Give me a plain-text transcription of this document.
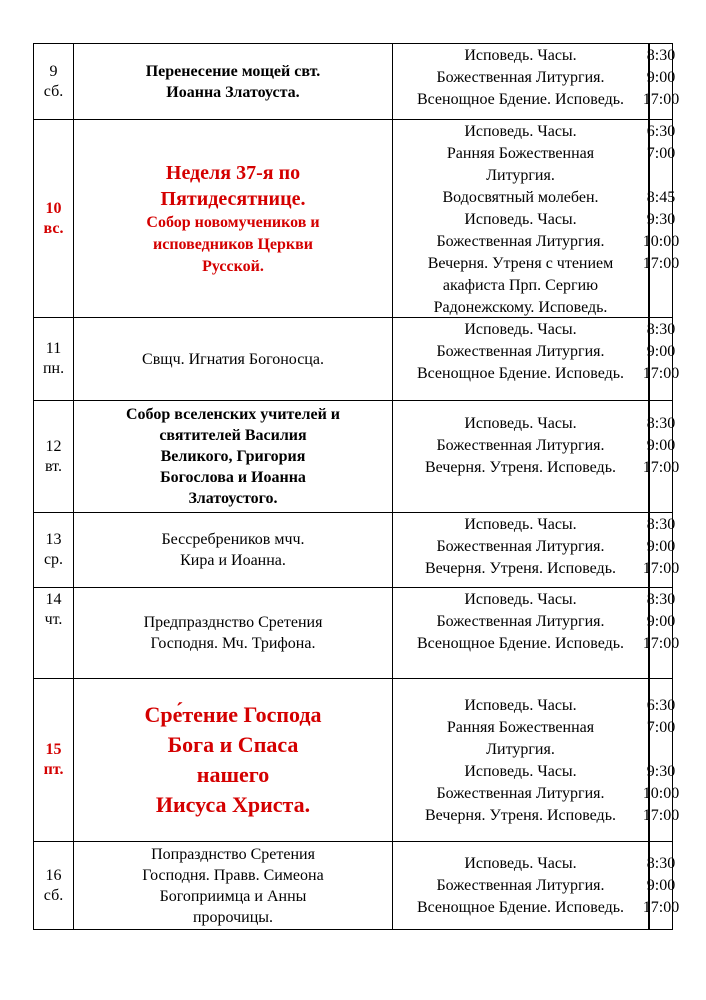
9
сб.
Перенесение мощей свт.
Иоанна Златоуста.
Исповедь. Часы.
Божественная Литургия.
Всенощное Бдение. Исповедь.
8:30
9:00
17:00
10
вс.
Неделя 37-я по
Пятидесятнице.
Собор новомучеников и
исповедников Церкви
Русской.
Исповедь. Часы.
Ранняя Божественная
Литургия.
Водосвятный молебен.
Исповедь. Часы.
Божественная Литургия.
Вечерня. Утреня с чтением
акафиста Прп. Сергию
Радонежскому. Исповедь.
6:30
7:00
8:45
9:30
10:00
17:00
11
пн.
Свщч. Игнатия Богоносца.
Исповедь. Часы.
Божественная Литургия.
Всенощное Бдение. Исповедь.
8:30
9:00
17:00
12
вт.
Собор вселенских учителей и
святителей Василия
Великого, Григория
Богослова и Иоанна
Златоустого.
Исповедь. Часы.
Божественная Литургия.
Вечерня. Утреня. Исповедь.
8:30
9:00
17:00
13
ср.
Бессребреников мчч.
Кира и Иоанна.
Исповедь. Часы.
Божественная Литургия.
Вечерня. Утреня. Исповедь.
8:30
9:00
17:00
14
чт.	Предпразднство Сретения
Господня. Мч. Трифона.
Исповедь. Часы.
Божественная Литургия.
Всенощное Бдение. Исповедь.
8:30
9:00
17:00
15
пт.
Сре́тение Господа
Бога и Спаса
нашего
Иисуса Христа.
Исповедь. Часы.
Ранняя Божественная
Литургия.
Исповедь. Часы.
Божественная Литургия.
Вечерня. Утреня. Исповедь.
6:30
7:00
9:30
10:00
17:00
16
сб.
Попразднство Сретения
Господня. Правв. Симеона
Богоприимца и Анны
пророчицы.
Исповедь. Часы.
Божественная Литургия.
Всенощное Бдение. Исповедь.
8:30
9:00
17:00
